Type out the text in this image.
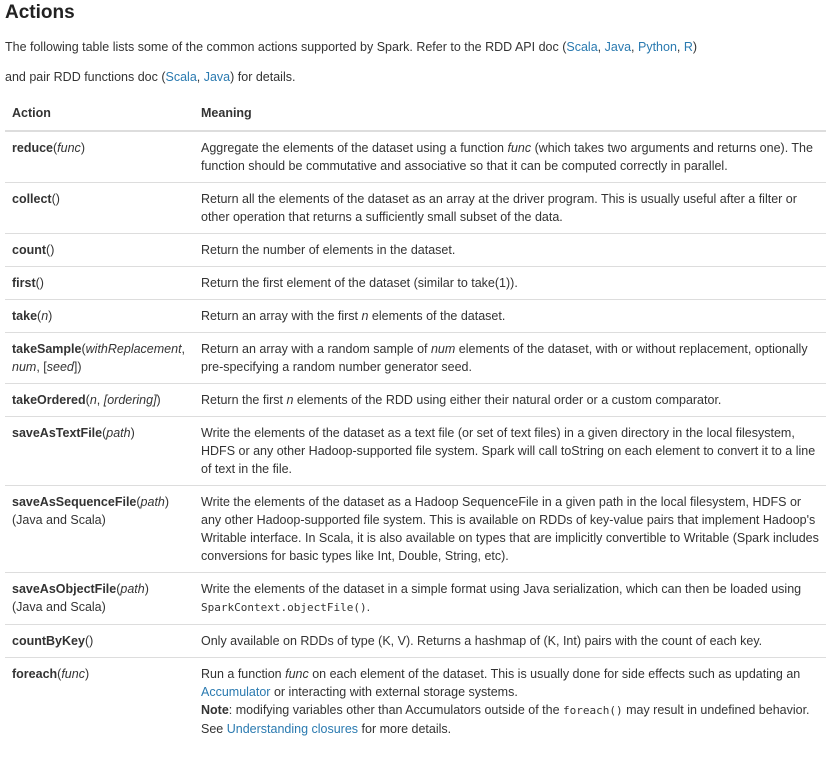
Actions
The following table lists some of the common actions supported by Spark. Refer to the RDD API doc (Scala, Java, Python, R)
and pair RDD functions doc (Scala, Java) for details.
Action	Meaning
reduce(func)	Aggregate the elements of the dataset using a function func (which takes two arguments and returns one). The function should be commutative and associative so that it can be computed correctly in parallel.
collect()	Return all the elements of the dataset as an array at the driver program. This is usually useful after a filter or other operation that returns a sufficiently small subset of the data.
count()	Return the number of elements in the dataset.
first()	Return the first element of the dataset (similar to take(1)).
take(n)	Return an array with the first n elements of the dataset.
takeSample(withReplacement, num, [seed])	Return an array with a random sample of num elements of the dataset, with or without replacement, optionally pre-specifying a random number generator seed.
takeOrdered(n, [ordering])	Return the first n elements of the RDD using either their natural order or a custom comparator.
saveAsTextFile(path)	Write the elements of the dataset as a text file (or set of text files) in a given directory in the local filesystem, HDFS or any other Hadoop-supported file system. Spark will call toString on each element to convert it to a line of text in the file.
saveAsSequenceFile(path)
(Java and Scala)	Write the elements of the dataset as a Hadoop SequenceFile in a given path in the local filesystem, HDFS or any other Hadoop-supported file system. This is available on RDDs of key-value pairs that implement Hadoop's Writable interface. In Scala, it is also available on types that are implicitly convertible to Writable (Spark includes conversions for basic types like Int, Double, String, etc).
saveAsObjectFile(path)
(Java and Scala)	Write the elements of the dataset in a simple format using Java serialization, which can then be loaded using SparkContext.objectFile().
countByKey()	Only available on RDDs of type (K, V). Returns a hashmap of (K, Int) pairs with the count of each key.
foreach(func)	Run a function func on each element of the dataset. This is usually done for side effects such as updating an Accumulator or interacting with external storage systems.
Note: modifying variables other than Accumulators outside of the foreach() may result in undefined behavior. See Understanding closures for more details.
